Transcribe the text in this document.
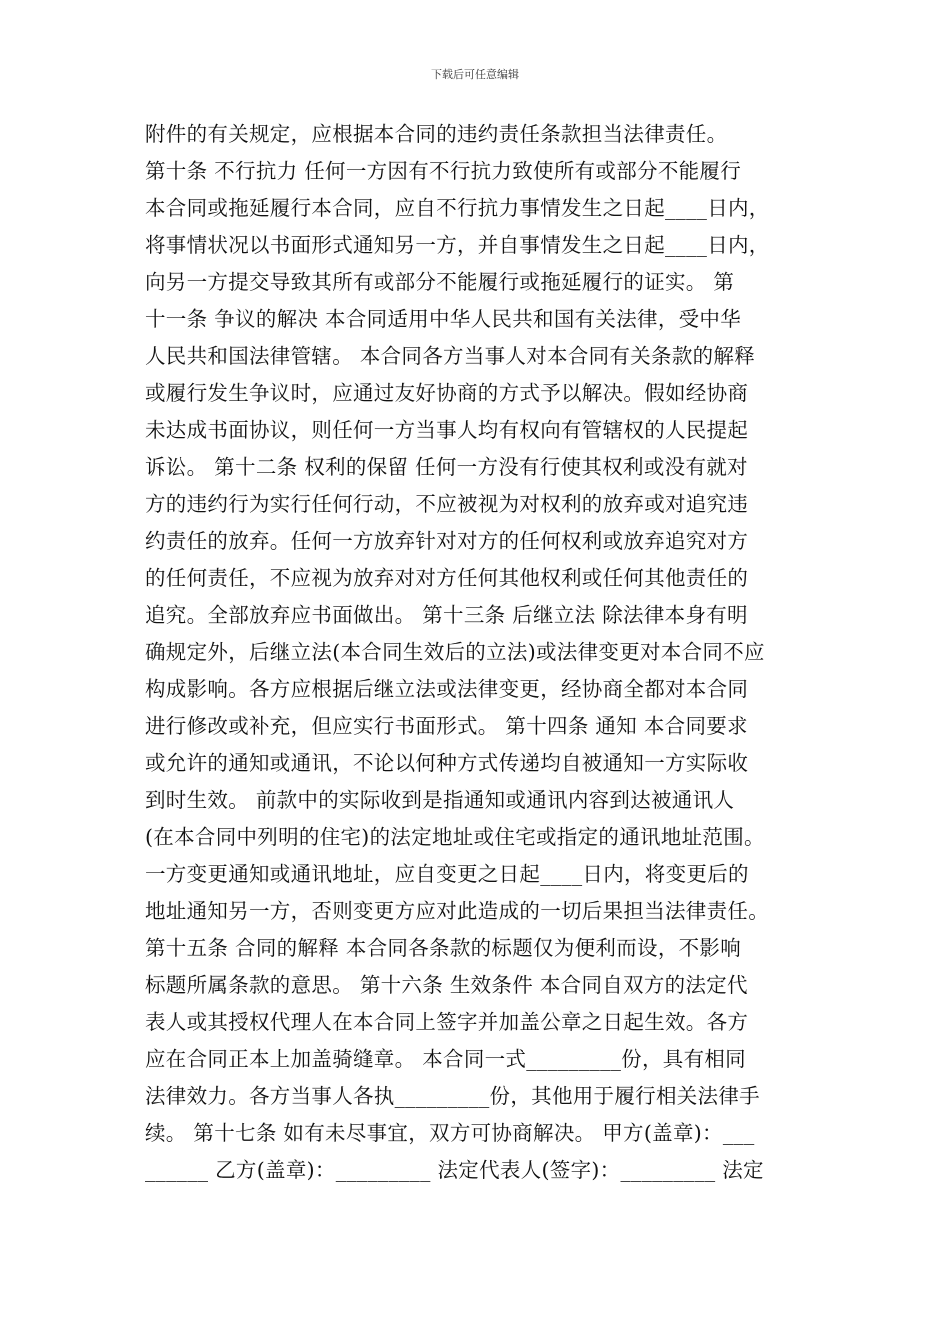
下载后可任意编辑
附件的有关规定，应根据本合同的违约责任条款担当法律责任。
第十条 不行抗力 任何一方因有不行抗力致使所有或部分不能履行
本合同或拖延履行本合同，应自不行抗力事情发生之日起____日内，
将事情状况以书面形式通知另一方，并自事情发生之日起____日内，
向另一方提交导致其所有或部分不能履行或拖延履行的证实。 第
十一条 争议的解决 本合同适用中华人民共和国有关法律，受中华
人民共和国法律管辖。 本合同各方当事人对本合同有关条款的解释
或履行发生争议时，应通过友好协商的方式予以解决。假如经协商
未达成书面协议，则任何一方当事人均有权向有管辖权的人民提起
诉讼。 第十二条 权利的保留 任何一方没有行使其权利或没有就对
方的违约行为实行任何行动，不应被视为对权利的放弃或对追究违
约责任的放弃。任何一方放弃针对对方的任何权利或放弃追究对方
的任何责任，不应视为放弃对对方任何其他权利或任何其他责任的
追究。全部放弃应书面做出。 第十三条 后继立法 除法律本身有明
确规定外，后继立法(本合同生效后的立法)或法律变更对本合同不应
构成影响。各方应根据后继立法或法律变更，经协商全都对本合同
进行修改或补充，但应实行书面形式。 第十四条 通知 本合同要求
或允许的通知或通讯，不论以何种方式传递均自被通知一方实际收
到时生效。 前款中的实际收到是指通知或通讯内容到达被通讯人
(在本合同中列明的住宅)的法定地址或住宅或指定的通讯地址范围。
一方变更通知或通讯地址，应自变更之日起____日内，将变更后的
地址通知另一方，否则变更方应对此造成的一切后果担当法律责任。
第十五条 合同的解释 本合同各条款的标题仅为便利而设，不影响
标题所属条款的意思。 第十六条 生效条件 本合同自双方的法定代
表人或其授权代理人在本合同上签字并加盖公章之日起生效。各方
应在合同正本上加盖骑缝章。 本合同一式_________份，具有相同
法律效力。各方当事人各执_________份，其他用于履行相关法律手
续。 第十七条 如有未尽事宜，双方可协商解决。 甲方(盖章)：___
______ 乙方(盖章)：_________ 法定代表人(签字)：_________ 法定
